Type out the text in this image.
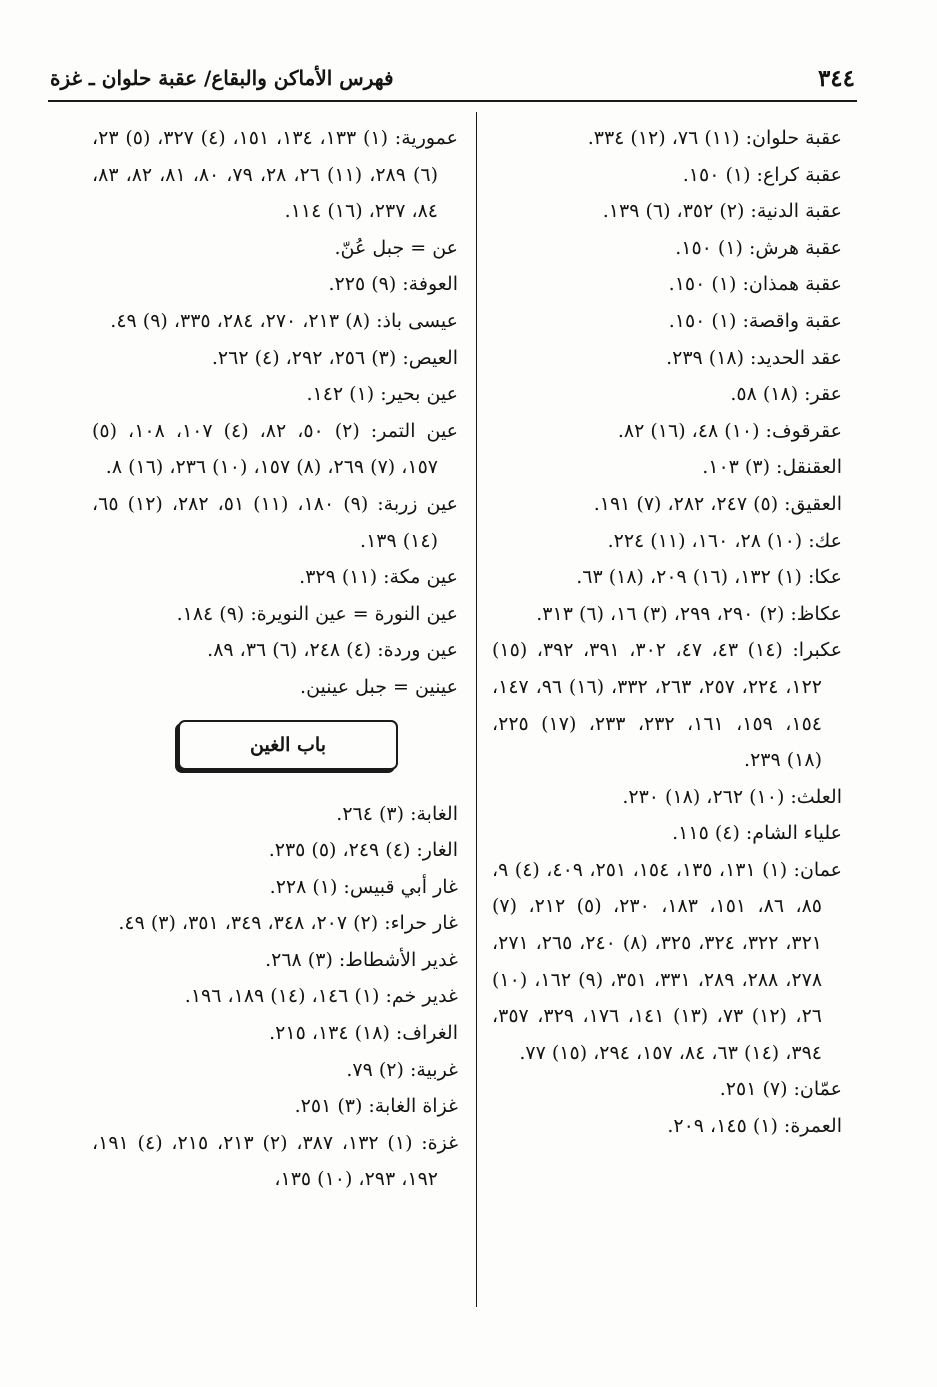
٣٤٤
فهرس الأماكن والبقاع/ عقبة حلوان ـ غزة
عقبة حلوان: (١١) ٧٦، (١٢) ٣٣٤.
عقبة كراع: (١) ١٥٠.
عقبة الدنية: (٢) ٣٥٢، (٦) ١٣٩.
عقبة هرش: (١) ١٥٠.
عقبة همذان: (١) ١٥٠.
عقبة واقصة: (١) ١٥٠.
عقد الحديد: (١٨) ٢٣٩.
عقر: (١٨) ٥٨.
عقرقوف: (١٠) ٤٨، (١٦) ٨٢.
العقنقل: (٣) ١٠٣.
العقيق: (٥) ٢٤٧، ٢٨٢، (٧) ١٩١.
عك: (١٠) ٢٨، ١٦٠، (١١) ٢٢٤.
عكا: (١) ١٣٢، (١٦) ٢٠٩، (١٨) ٦٣.
عكاظ: (٢) ٢٩٠، ٢٩٩، (٣) ١٦، (٦) ٣١٣.
عكبرا: (١٤) ٤٣، ٤٧، ٣٠٢، ٣٩١، ٣٩٢، (١٥) ١٢٢، ٢٢٤، ٢٥٧، ٢٦٣، ٣٣٢، (١٦) ٩٦، ١٤٧، ١٥٤، ١٥٩، ١٦١، ٢٣٢، ٢٣٣، (١٧) ٢٢٥، (١٨) ٢٣٩.
العلث: (١٠) ٢٦٢، (١٨) ٢٣٠.
علياء الشام: (٤) ١١٥.
عمان: (١) ١٣١، ١٣٥، ١٥٤، ٢٥١، ٤٠٩، (٤) ٩، ٨٥، ٨٦، ١٥١، ١٨٣، ٢٣٠، (٥) ٢١٢، (٧) ٣٢١، ٣٢٢، ٣٢٤، ٣٢٥، (٨) ٢٤٠، ٢٦٥، ٢٧١، ٢٧٨، ٢٨٨، ٢٨٩، ٣٣١، ٣٥١، (٩) ١٦٢، (١٠) ٢٦، (١٢) ٧٣، (١٣) ١٤١، ١٧٦، ٣٢٩، ٣٥٧، ٣٩٤، (١٤) ٦٣، ٨٤، ١٥٧، ٢٩٤، (١٥) ٧٧.
عمّان: (٧) ٢٥١.
العمرة: (١) ١٤٥، ٢٠٩.
عمورية: (١) ١٣٣، ١٣٤، ١٥١، (٤) ٣٢٧، (٥) ٢٣، (٦) ٢٨٩، (١١) ٢٦، ٢٨، ٧٩، ٨٠، ٨١، ٨٢، ٨٣، ٨٤، ٢٣٧، (١٦) ١١٤.
عن = جبل عُنّ.
العوفة: (٩) ٢٢٥.
عيسى باذ: (٨) ٢١٣، ٢٧٠، ٢٨٤، ٣٣٥، (٩) ٤٩.
العيص: (٣) ٢٥٦، ٢٩٢، (٤) ٢٦٢.
عين بحير: (١) ١٤٢.
عين التمر: (٢) ٥٠، ٨٢، (٤) ١٠٧، ١٠٨، (٥) ١٥٧، (٧) ٢٦٩، (٨) ١٥٧، (١٠) ٢٣٦، (١٦) ٨.
عين زربة: (٩) ١٨٠، (١١) ٥١، ٢٨٢، (١٢) ٦٥، (١٤) ١٣٩.
عين مكة: (١١) ٣٢٩.
عين النورة = عين النويرة: (٩) ١٨٤.
عين وردة: (٤) ٢٤٨، (٦) ٣٦، ٨٩.
عينين = جبل عينين.
باب الغين
الغابة: (٣) ٢٦٤.
الغار: (٤) ٢٤٩، (٥) ٢٣٥.
غار أبي قبيس: (١) ٢٢٨.
غار حراء: (٢) ٢٠٧، ٣٤٨، ٣٤٩، ٣٥١، (٣) ٤٩.
غدير الأشطاط: (٣) ٢٦٨.
غدير خم: (١) ١٤٦، (١٤) ١٨٩، ١٩٦.
الغراف: (١٨) ١٣٤، ٢١٥.
غربية: (٢) ٧٩.
غزاة الغابة: (٣) ٢٥١.
غزة: (١) ١٣٢، ٣٨٧، (٢) ٢١٣، ٢١٥، (٤) ١٩١، ١٩٢، ٢٩٣، (١٠) ١٣٥،
